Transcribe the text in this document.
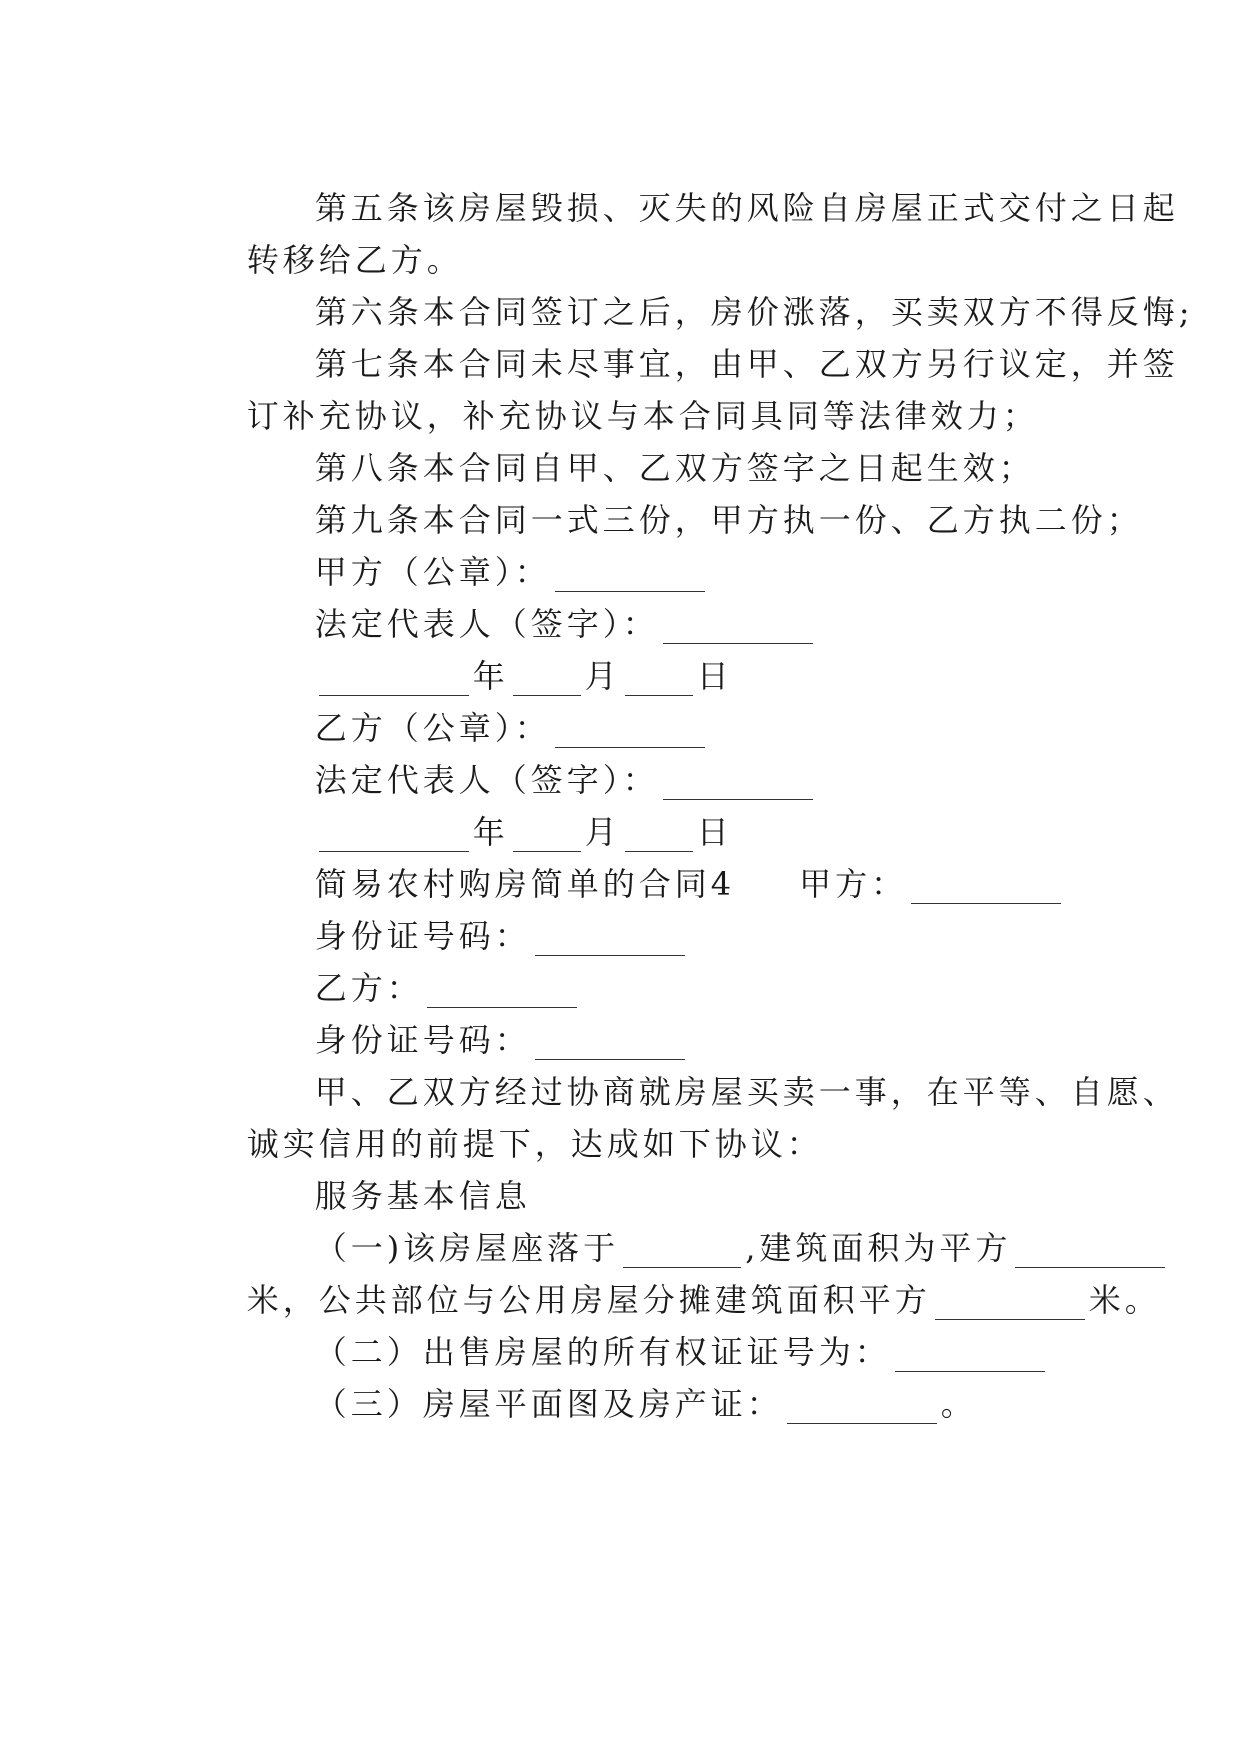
第五条该房屋毁损、灭失的风险自房屋正式交付之日起

转移给乙方。

第六条本合同签订之后，房价涨落，买卖双方不得反悔;

第七条本合同未尽事宜，由甲、乙双方另行议定，并签

订补充协议，补充协议与本合同具同等法律效力；

第八条本合同自甲、乙双方签字之日起生效；

第九条本合同一式三份，甲方执一份、乙方执二份；

甲方（公章）：

法定代表人（签字）：

年 月 日

乙方（公章）：

法定代表人（签字）：

年 月 日

简易农村购房简单的合同4 甲方：

身份证号码：

乙方：

身份证号码：

甲、乙双方经过协商就房屋买卖一事，在平等、自愿、

诚实信用的前提下，达成如下协议：

服务基本信息

（一)该房屋座落于	,建筑面积为平方

米，公共部位与公用房屋分摊建筑面积平方	米。

（二）出售房屋的所有权证证号为：

（三）房屋平面图及房产证：	。
